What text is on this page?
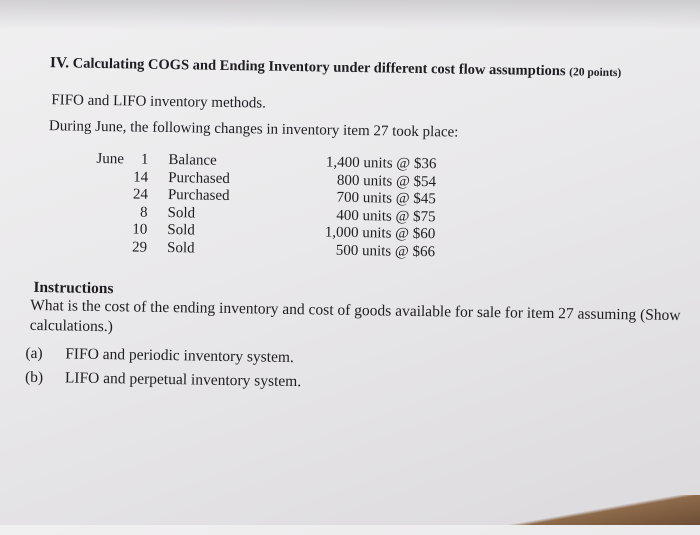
IV. Calculating COGS and Ending Inventory under different cost flow assumptions (20 points)
FIFO and LIFO inventory methods.
During June, the following changes in inventory item 27 took place:
June	1 Balance	1,400 units @ $36
14 Purchased	800 units @ $54
24 Purchased	700 units @ $45
8 Sold	400 units @ $75
10 Sold	1,000 units @ $60
29 Sold	500 units @ $66
Instructions
What is the cost of the ending inventory and cost of goods available for sale for item 27 assuming (Show calculations.)
(a) FIFO and periodic inventory system.
(b) LIFO and perpetual inventory system.
